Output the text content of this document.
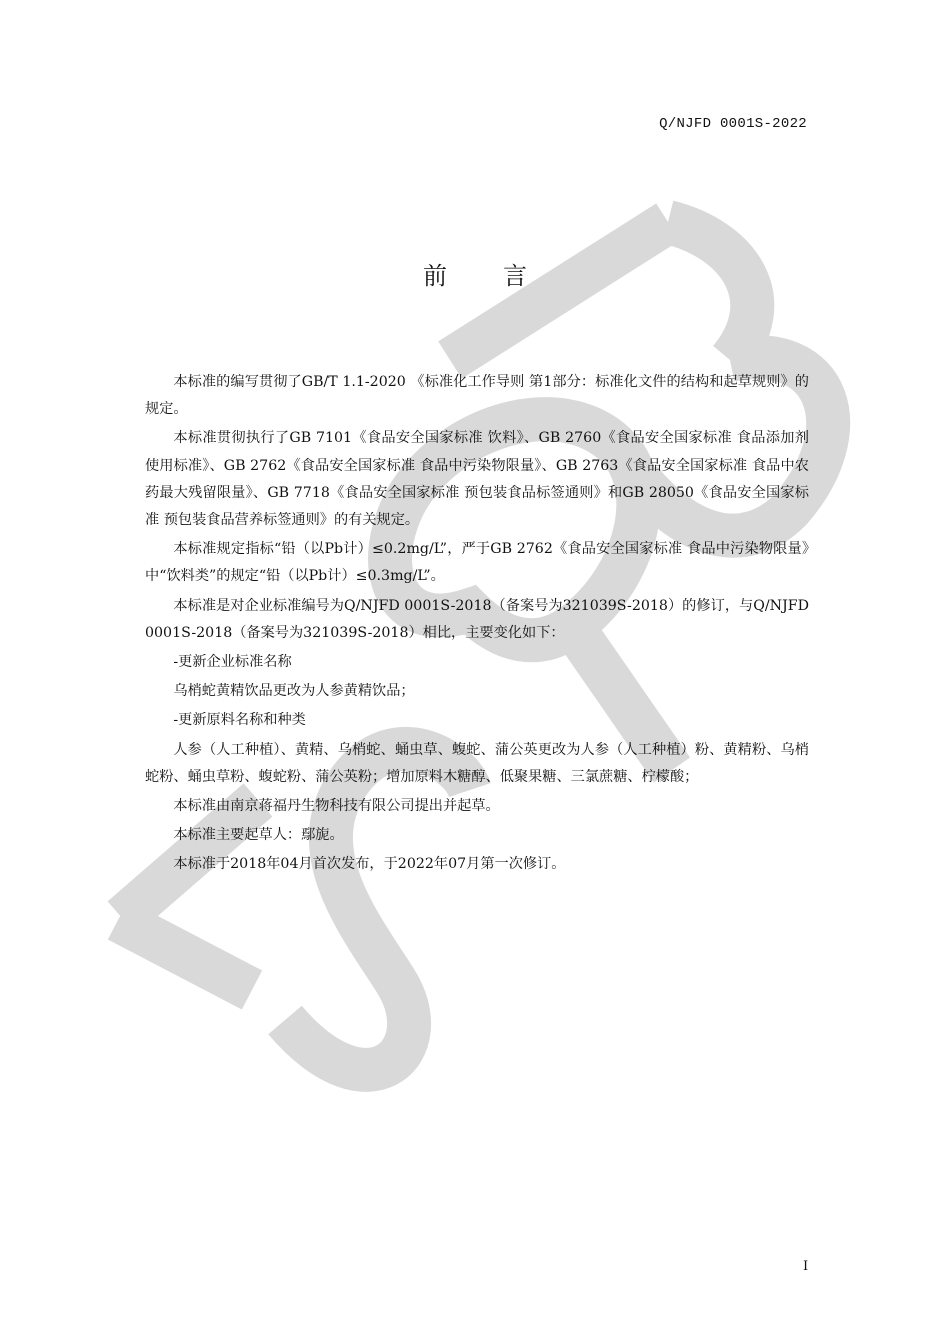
Q/NJFD 0001S-2022
前 言

本标准的编写贯彻了GB/T 1.1-2020 《标准化工作导则 第1部分：标准化文件的结构和起草规则》的规定。

本标准贯彻执行了GB 7101《食品安全国家标准 饮料》、GB 2760《食品安全国家标准 食品添加剂使用标准》、GB 2762《食品安全国家标准 食品中污染物限量》、GB 2763《食品安全国家标准 食品中农药最大残留限量》、GB 7718《食品安全国家标准 预包装食品标签通则》和GB 28050《食品安全国家标准 预包装食品营养标签通则》的有关规定。

本标准规定指标“铅（以Pb计）≤0.2mg/L”，严于GB 2762《食品安全国家标准 食品中污染物限量》中“饮料类”的规定“铅（以Pb计）≤0.3mg/L”。

本标准是对企业标准编号为Q/NJFD 0001S-2018（备案号为321039S-2018）的修订，与Q/NJFD 0001S-2018（备案号为321039S-2018）相比，主要变化如下：

-更新企业标准名称

乌梢蛇黄精饮品更改为人参黄精饮品；

-更新原料名称和种类

人参（人工种植）、黄精、乌梢蛇、蛹虫草、蝮蛇、蒲公英更改为人参（人工种植）粉、黄精粉、乌梢蛇粉、蛹虫草粉、蝮蛇粉、蒲公英粉；增加原料木糖醇、低聚果糖、三氯蔗糖、柠檬酸；

本标准由南京蒋福丹生物科技有限公司提出并起草。

本标准主要起草人：鄢旎。

本标准于2018年04月首次发布，于2022年07月第一次修订。

I
